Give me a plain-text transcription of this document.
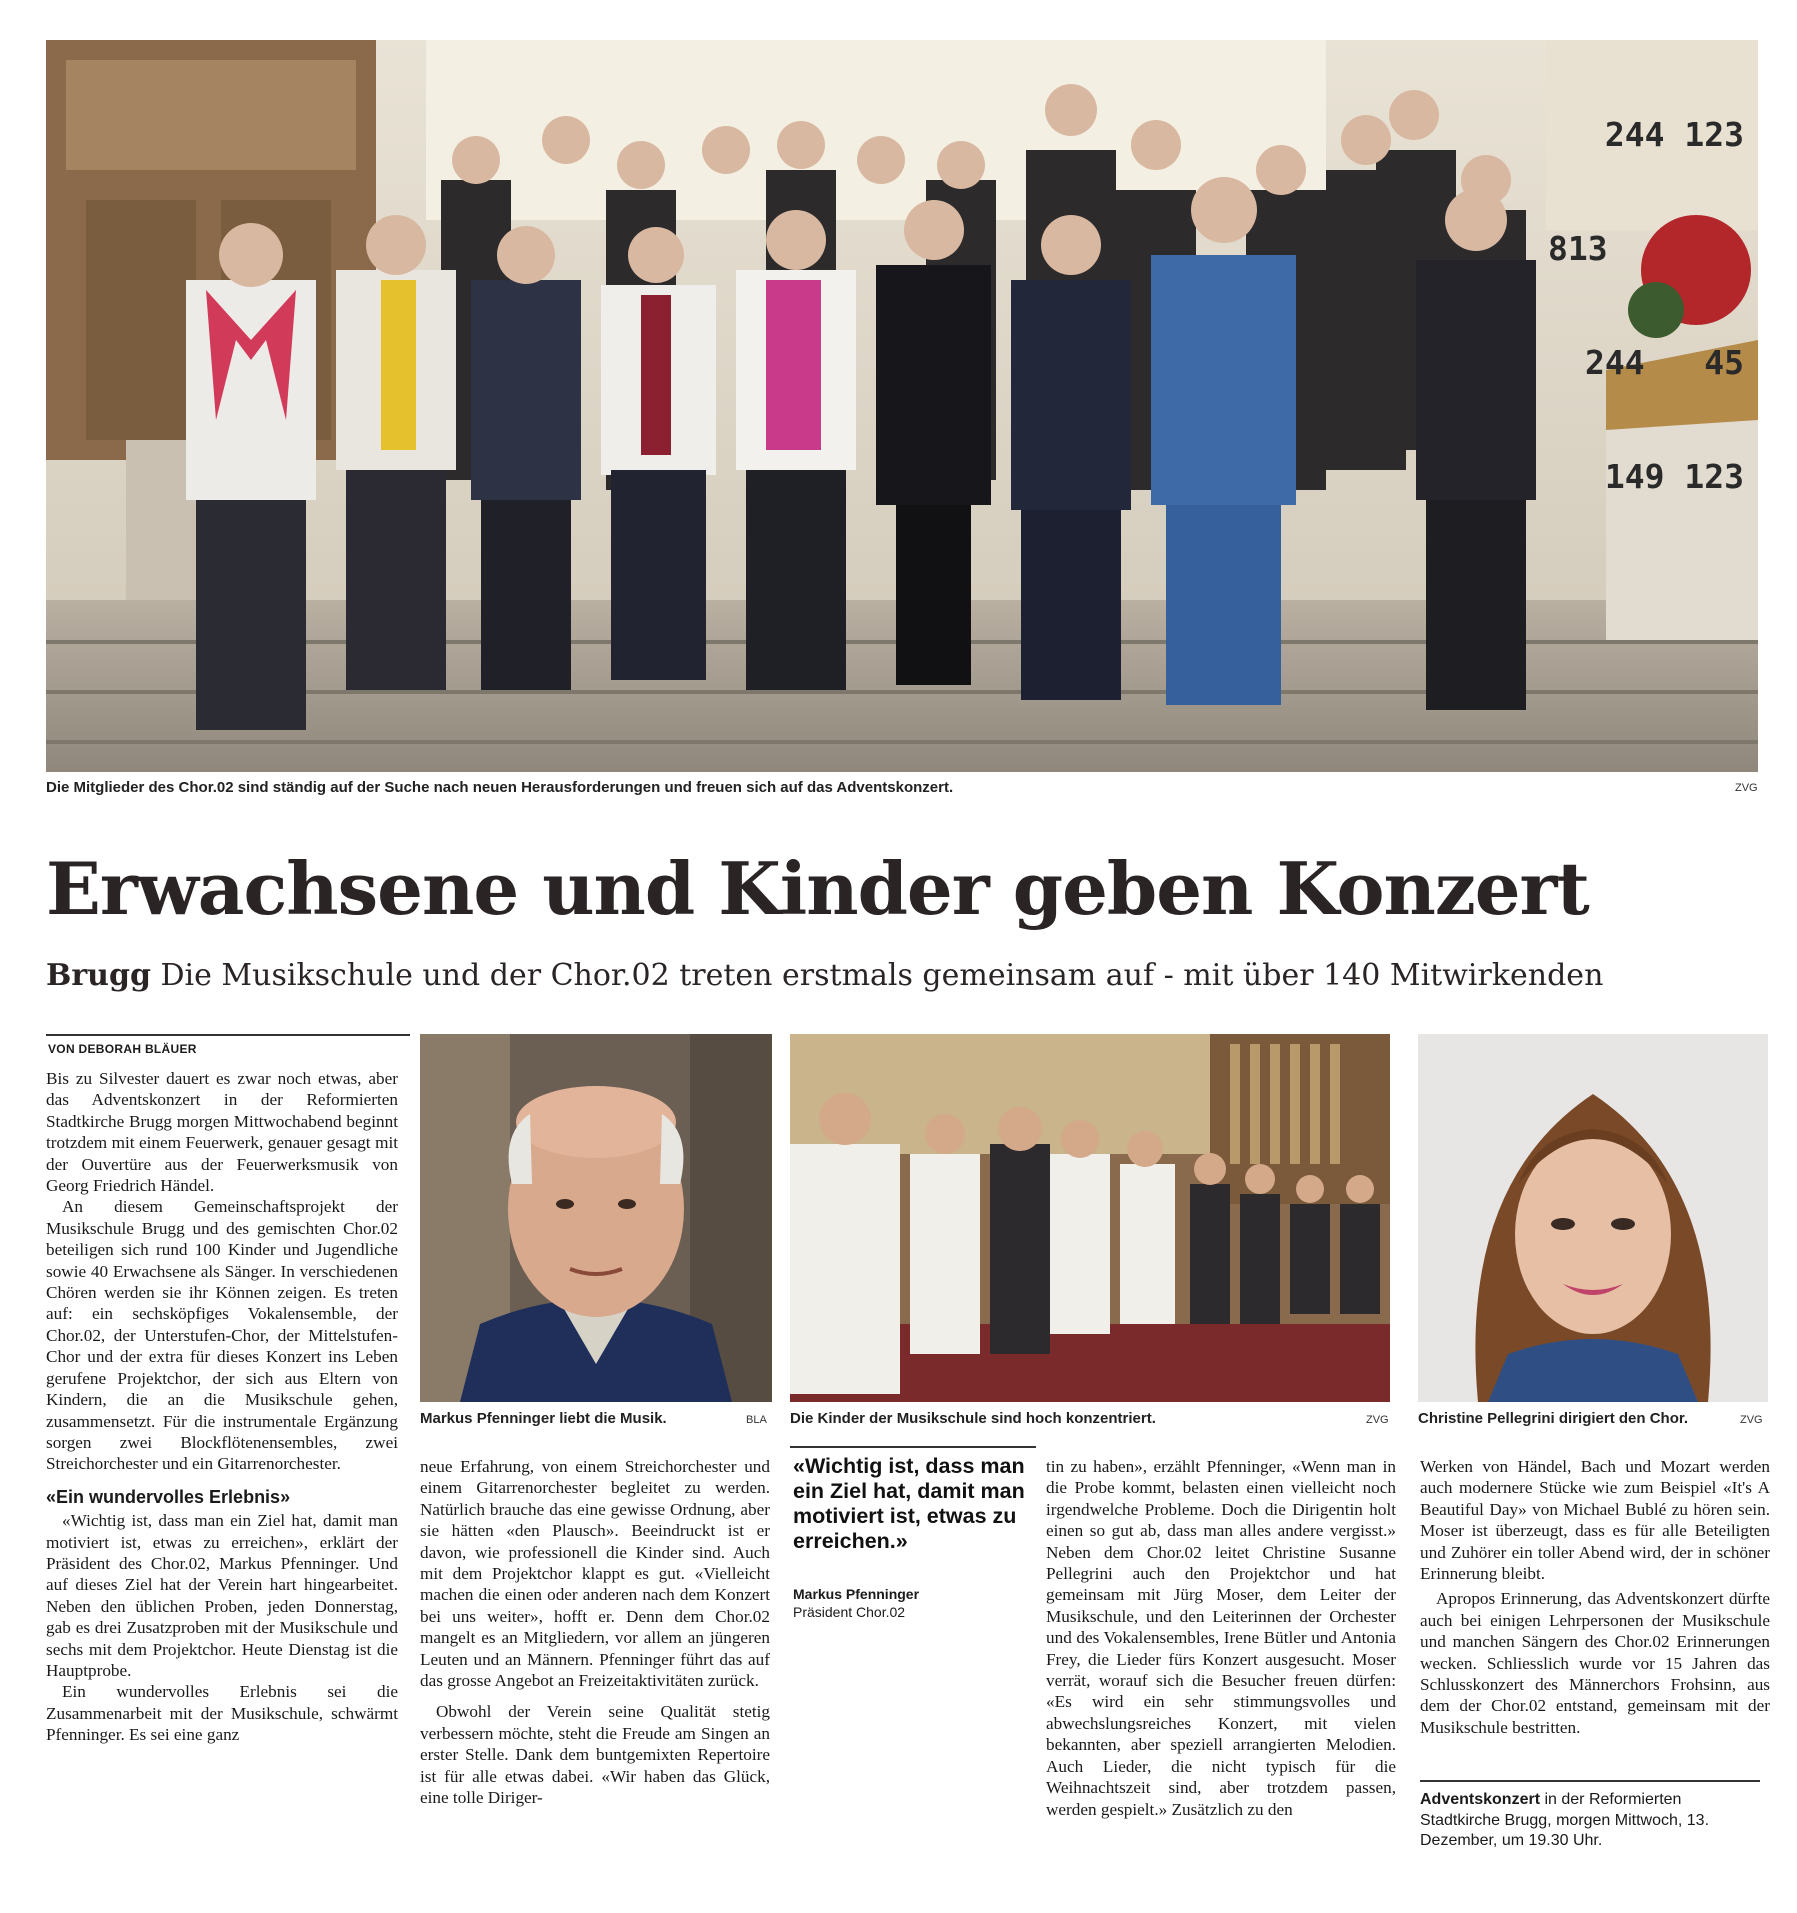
244 123

813

244   45

149 123

Die Mitglieder des Chor.02 sind ständig auf der Suche nach neuen Herausforderungen und freuen sich auf das Adventskonzert.	ZVG
Erwachsene und Kinder geben Konzert
Brugg Die Musikschule und der Chor.02 treten erstmals gemeinsam auf - mit über 140 Mitwirkenden
VON DEBORAH BLÄUER
Markus Pfenninger liebt die Musik.	BLA Die Kinder der Musikschule sind hoch konzentriert.	ZVG Christine Pellegrini dirigiert den Chor.	ZVG

Bis zu Silvester dauert es zwar noch etwas, aber das Adventskonzert in der Reformierten Stadtkirche Brugg morgen Mittwochabend beginnt trotzdem mit einem Feuerwerk, genauer gesagt mit der Ouvertüre aus der Feuerwerksmusik von Georg Friedrich Händel.

An diesem Gemeinschaftsprojekt der Musikschule Brugg und des gemischten Chor.02 beteiligen sich rund 100 Kinder und Jugendliche sowie 40 Erwachsene als Sänger. In verschiedenen Chören werden sie ihr Können zeigen. Es treten auf: ein sechsköpfiges Vokalensemble, der Chor.02, der Unterstufen-Chor, der Mittelstufen-Chor und der extra für dieses Konzert ins Leben gerufene Projektchor, der sich aus Eltern von Kindern, die an die Musikschule gehen, zusammensetzt. Für die instrumentale Ergänzung sorgen zwei Blockflötenensembles, zwei Streichorchester und ein Gitarrenorchester.

«Ein wundervolles Erlebnis»

«Wichtig ist, dass man ein Ziel hat, damit man motiviert ist, etwas zu erreichen», erklärt der Präsident des Chor.02, Markus Pfenninger. Und auf dieses Ziel hat der Verein hart hingearbeitet. Neben den üblichen Proben, jeden Donnerstag, gab es drei Zusatzproben mit der Musikschule und sechs mit dem Projektchor. Heute Dienstag ist die Hauptprobe.

Ein wundervolles Erlebnis sei die Zusammenarbeit mit der Musikschule, schwärmt Pfenninger. Es sei eine ganz

neue Erfahrung, von einem Streichorchester und einem Gitarrenorchester begleitet zu werden. Natürlich brauche das eine gewisse Ordnung, aber sie hätten «den Plausch». Beeindruckt ist er davon, wie professionell die Kinder sind. Auch mit dem Projektchor klappt es gut. «Vielleicht machen die einen oder anderen nach dem Konzert bei uns weiter», hofft er. Denn dem Chor.02 mangelt es an Mitgliedern, vor allem an jüngeren Leuten und an Männern. Pfenninger führt das auf das grosse Angebot an Freizeitaktivitäten zurück.

Obwohl der Verein seine Qualität stetig verbessern möchte, steht die Freude am Singen an erster Stelle. Dank dem buntgemixten Repertoire ist für alle etwas dabei. «Wir haben das Glück, eine tolle Diriger-

«Wichtig ist, dass man ein Ziel hat, damit man motiviert ist, etwas zu erreichen.»
Markus Pfenninger
Präsident Chor.02

tin zu haben», erzählt Pfenninger, «Wenn man in die Probe kommt, belasten einen vielleicht noch irgendwelche Probleme. Doch die Dirigentin holt einen so gut ab, dass man alles andere vergisst.» Neben dem Chor.02 leitet Christine Susanne Pellegrini auch den Projektchor und hat gemeinsam mit Jürg Moser, dem Leiter der Musikschule, und den Leiterinnen der Orchester und des Vokalensembles, Irene Bütler und Antonia Frey, die Lieder fürs Konzert ausgesucht. Moser verrät, worauf sich die Besucher freuen dürfen: «Es wird ein sehr stimmungsvolles und abwechslungsreiches Konzert, mit vielen bekannten, aber speziell arrangierten Melodien. Auch Lieder, die nicht typisch für die Weihnachtszeit sind, aber trotzdem passen, werden gespielt.» Zusätzlich zu den

Werken von Händel, Bach und Mozart werden auch modernere Stücke wie zum Beispiel «It's A Beautiful Day» von Michael Bublé zu hören sein. Moser ist überzeugt, dass es für alle Beteiligten und Zuhörer ein toller Abend wird, der in schöner Erinnerung bleibt.

Apropos Erinnerung, das Adventskonzert dürfte auch bei einigen Lehrpersonen der Musikschule und manchen Sängern des Chor.02 Erinnerungen wecken. Schliesslich wurde vor 15 Jahren das Schlusskonzert des Männerchors Frohsinn, aus dem der Chor.02 entstand, gemeinsam mit der Musikschule bestritten.

Adventskonzert in der Reformierten Stadtkirche Brugg, morgen Mittwoch, 13. Dezember, um 19.30 Uhr.
